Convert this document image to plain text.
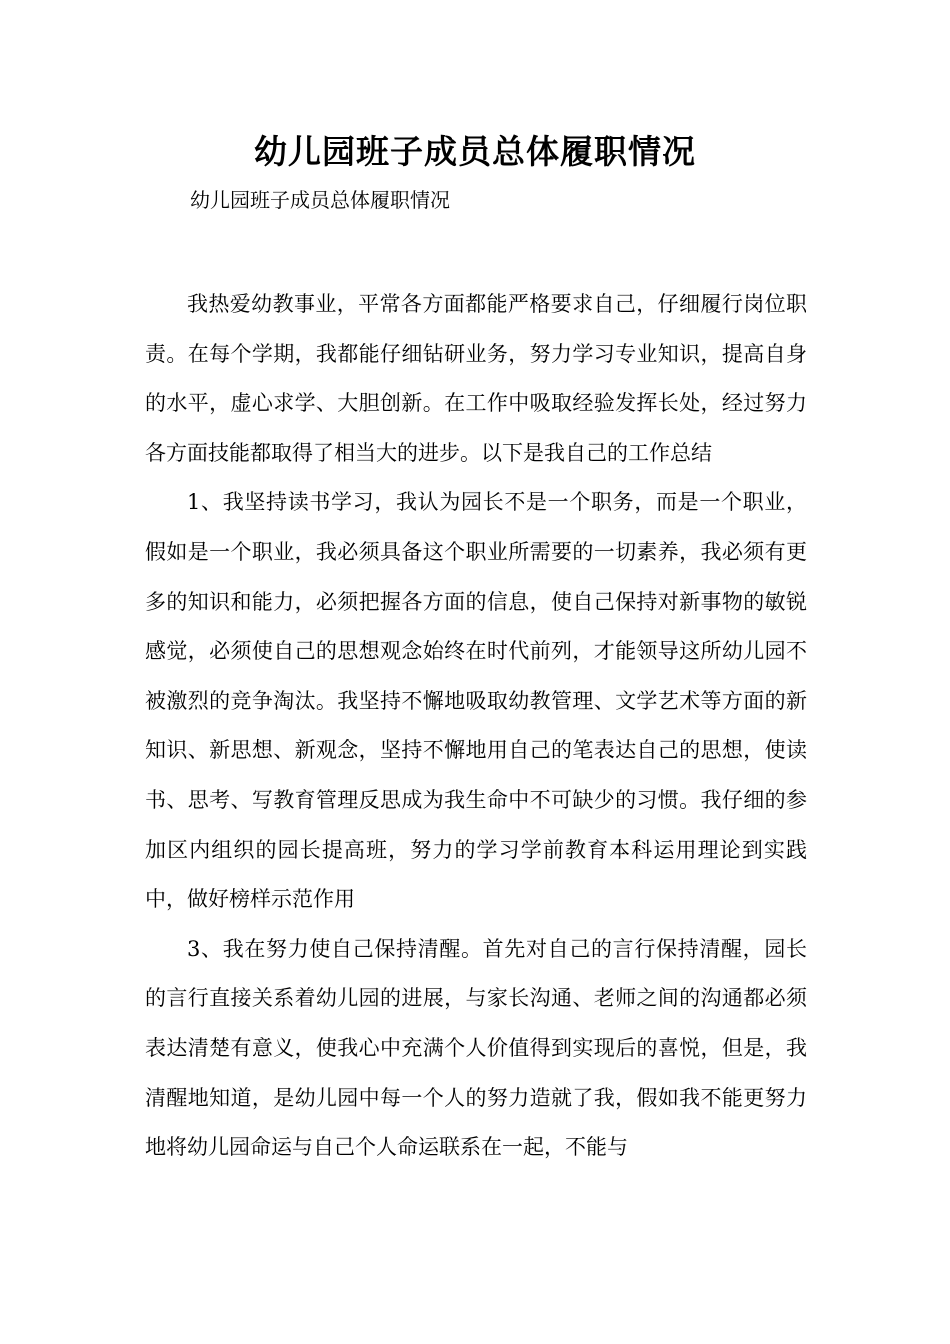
幼儿园班子成员总体履职情况
幼儿园班子成员总体履职情况

我热爱幼教事业，平常各方面都能严格要求自己，仔细履行岗位职责。在每个学期，我都能仔细钻研业务，努力学习专业知识，提高自身的水平，虚心求学、大胆创新。在工作中吸取经验发挥长处，经过努力各方面技能都取得了相当大的进步。以下是我自己的工作总结

1、我坚持读书学习，我认为园长不是一个职务，而是一个职业，假如是一个职业，我必须具备这个职业所需要的一切素养，我必须有更多的知识和能力，必须把握各方面的信息，使自己保持对新事物的敏锐感觉，必须使自己的思想观念始终在时代前列，才能领导这所幼儿园不被激烈的竞争淘汰。我坚持不懈地吸取幼教管理、文学艺术等方面的新知识、新思想、新观念，坚持不懈地用自己的笔表达自己的思想，使读书、思考、写教育管理反思成为我生命中不可缺少的习惯。我仔细的参加区内组织的园长提高班，努力的学习学前教育本科运用理论到实践中，做好榜样示范作用

3、我在努力使自己保持清醒。首先对自己的言行保持清醒，园长的言行直接关系着幼儿园的进展，与家长沟通、老师之间的沟通都必须表达清楚有意义，使我心中充满个人价值得到实现后的喜悦，但是，我清醒地知道，是幼儿园中每一个人的努力造就了我，假如我不能更努力地将幼儿园命运与自己个人命运联系在一起，不能与
